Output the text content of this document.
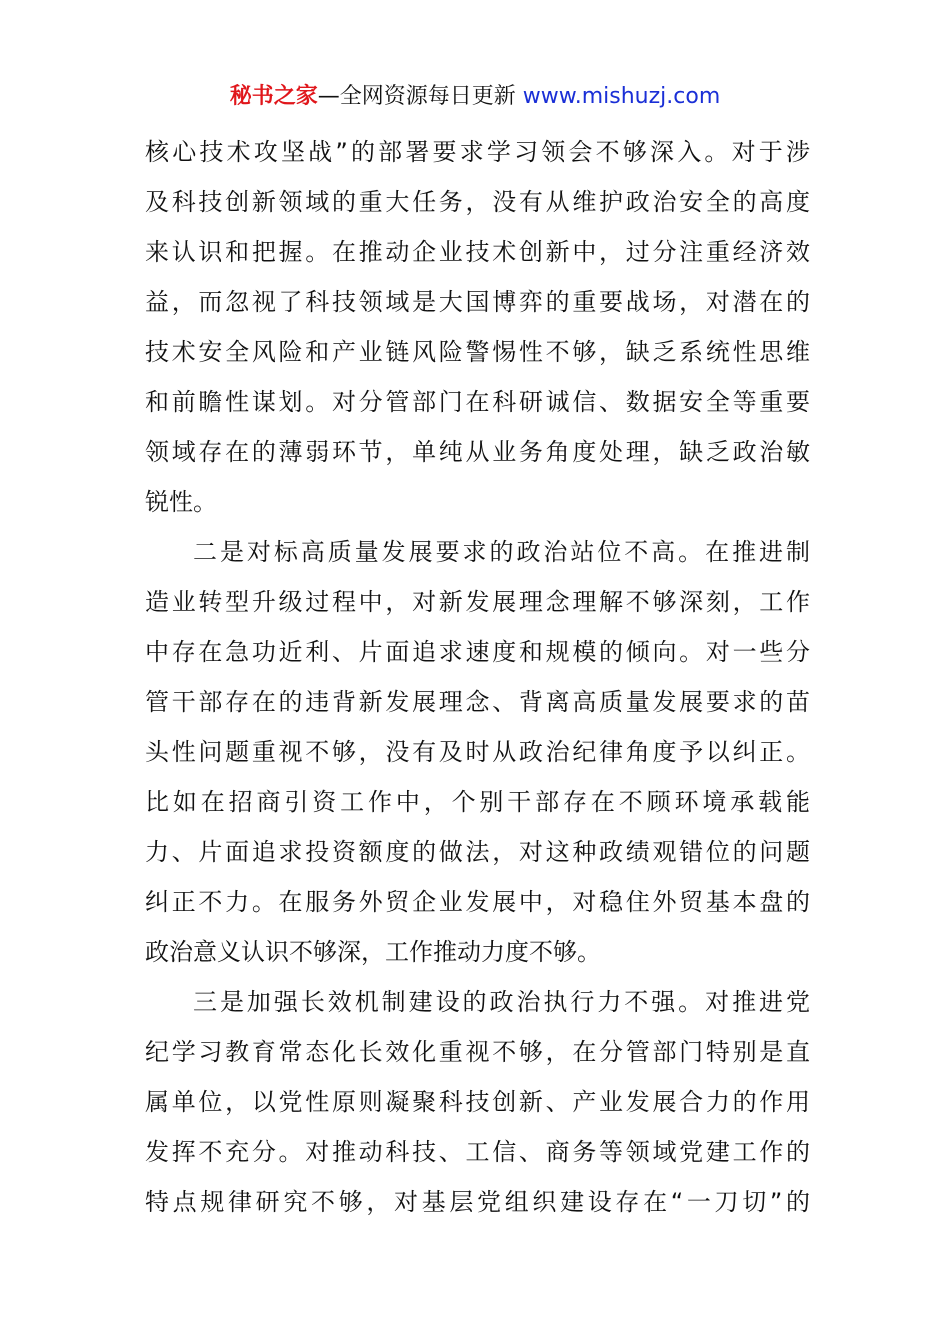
秘书之家—全网资源每日更新 www.mishuzj.com
核心技术攻坚战”的部署要求学习领会不够深入。对于涉
及科技创新领域的重大任务，没有从维护政治安全的高度
来认识和把握。在推动企业技术创新中，过分注重经济效
益，而忽视了科技领域是大国博弈的重要战场，对潜在的
技术安全风险和产业链风险警惕性不够，缺乏系统性思维
和前瞻性谋划。对分管部门在科研诚信、数据安全等重要
领域存在的薄弱环节，单纯从业务角度处理，缺乏政治敏
锐性。
二是对标高质量发展要求的政治站位不高。在推进制
造业转型升级过程中，对新发展理念理解不够深刻，工作
中存在急功近利、片面追求速度和规模的倾向。对一些分
管干部存在的违背新发展理念、背离高质量发展要求的苗
头性问题重视不够，没有及时从政治纪律角度予以纠正。
比如在招商引资工作中，个别干部存在不顾环境承载能
力、片面追求投资额度的做法，对这种政绩观错位的问题
纠正不力。在服务外贸企业发展中，对稳住外贸基本盘的
政治意义认识不够深，工作推动力度不够。
三是加强长效机制建设的政治执行力不强。对推进党
纪学习教育常态化长效化重视不够，在分管部门特别是直
属单位，以党性原则凝聚科技创新、产业发展合力的作用
发挥不充分。对推动科技、工信、商务等领域党建工作的
特点规律研究不够，对基层党组织建设存在“一刀切”的
